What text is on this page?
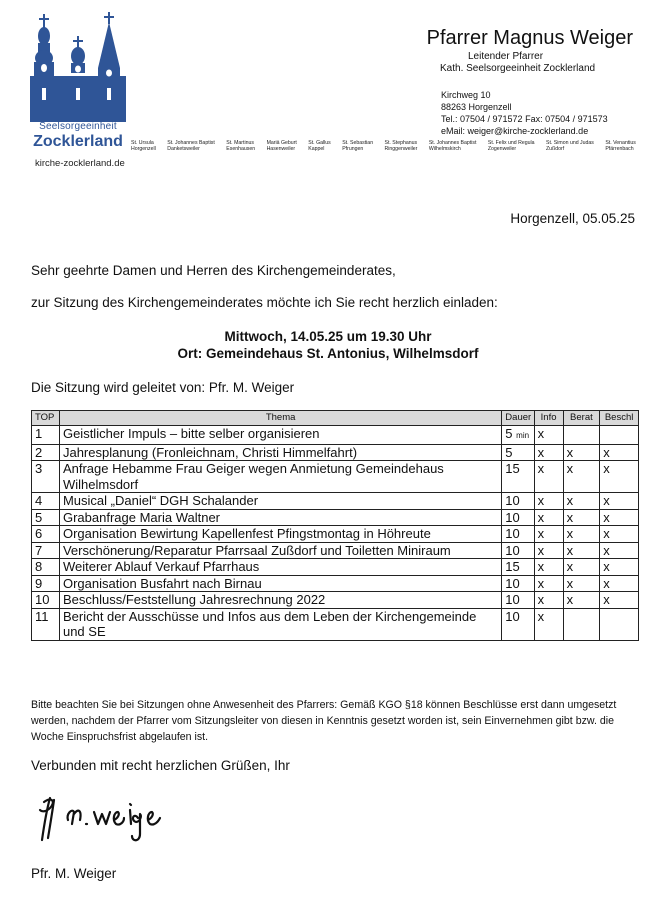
Seelsorgeeinheit
Zocklerland
kirche-zocklerland.de
St. Ursula
Horgenzell
St. Johannes Baptist
Danketsweiler
St. Martinus
Esenhausen
Mariä Geburt
Hasenweiler
St. Gallus
Kappel
St. Sebastian
Pfrungen
St. Stephanus
Ringgenweiler
St. Johannes Baptist
Wilhelmskirch
St. Felix und Regula
Zogenweiler
St. Simon und Judas
Zußdorf
St. Venantius
Pfärrenbach
Pfarrer Magnus Weiger
Leitender Pfarrer
Kath. Seelsorgeeinheit Zocklerland
Kirchweg 10
88263 Horgenzell
Tel.: 07504 / 971572 Fax: 07504 / 971573
eMail: weiger@kirche-zocklerland.de
Horgenzell, 05.05.25
Sehr geehrte Damen und Herren des Kirchengemeinderates,
zur Sitzung des Kirchengemeinderates möchte ich Sie recht herzlich einladen:
Mittwoch, 14.05.25 um 19.30 Uhr
Ort: Gemeindehaus St. Antonius, Wilhelmsdorf
Die Sitzung wird geleitet von: Pfr. M. Weiger
TOP	Thema	Dauer	Info	Berat	Beschl
1	Geistlicher Impuls – bitte selber organisieren	5 min	x		
2	Jahresplanung (Fronleichnam, Christi Himmelfahrt)	5	x	x	x
3	Anfrage Hebamme Frau Geiger wegen Anmietung Gemeindehaus Wilhelmsdorf	15	x	x	x
4	Musical „Daniel“ DGH Schalander	10	x	x	x
5	Grabanfrage Maria Waltner	10	x	x	x
6	Organisation Bewirtung Kapellenfest Pfingstmontag in Höhreute	10	x	x	x
7	Verschönerung/Reparatur Pfarrsaal Zußdorf und Toiletten Miniraum	10	x	x	x
8	Weiterer Ablauf Verkauf Pfarrhaus	15	x	x	x
9	Organisation Busfahrt nach Birnau	10	x	x	x
10	Beschluss/Feststellung Jahresrechnung 2022	10	x	x	x
11	Bericht der Ausschüsse und Infos aus dem Leben der Kirchengemeinde und SE	10	x		
Bitte beachten Sie bei Sitzungen ohne Anwesenheit des Pfarrers: Gemäß KGO §18 können Beschlüsse erst dann umgesetzt werden, nachdem der Pfarrer vom Sitzungsleiter von diesen in Kenntnis gesetzt worden ist, sein Einvernehmen gibt bzw. die Woche Einspruchsfrist abgelaufen ist.
Verbunden mit recht herzlichen Grüßen, Ihr
Pfr. M. Weiger
